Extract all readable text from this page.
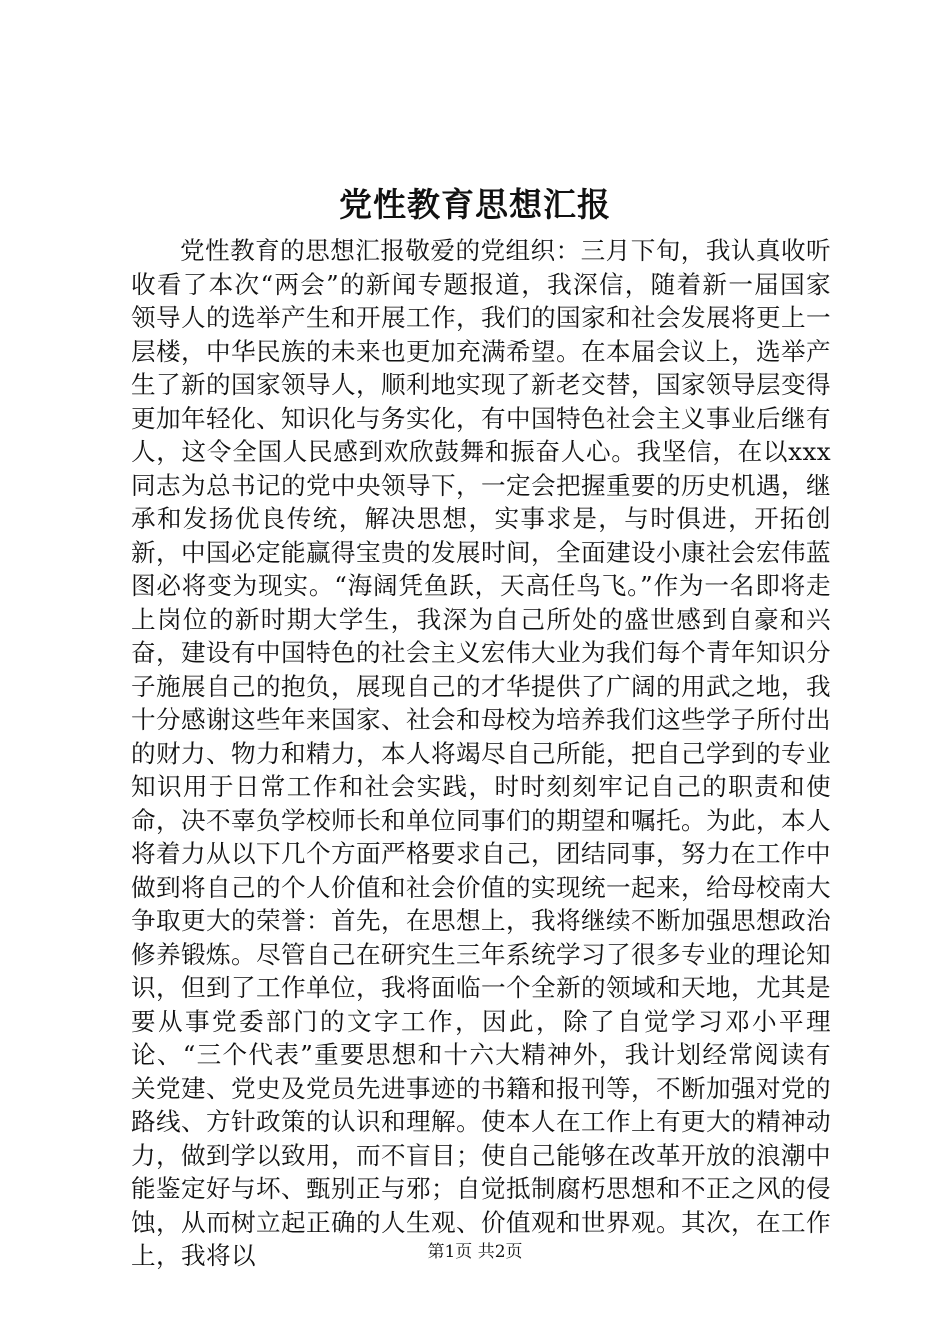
党性教育思想汇报

党性教育的思想汇报敬爱的党组织：三月下旬，我认真收听收看了本次“两会”的新闻专题报道，我深信，随着新一届国家领导人的选举产生和开展工作，我们的国家和社会发展将更上一层楼，中华民族的未来也更加充满希望。在本届会议上，选举产生了新的国家领导人，顺利地实现了新老交替，国家领导层变得更加年轻化、知识化与务实化，有中国特色社会主义事业后继有人，这令全国人民感到欢欣鼓舞和振奋人心。我坚信，在以xxx同志为总书记的党中央领导下，一定会把握重要的历史机遇，继承和发扬优良传统，解决思想，实事求是，与时俱进，开拓创新，中国必定能赢得宝贵的发展时间，全面建设小康社会宏伟蓝图必将变为现实。“海阔凭鱼跃，天高任鸟飞。”作为一名即将走上岗位的新时期大学生，我深为自己所处的盛世感到自豪和兴奋，建设有中国特色的社会主义宏伟大业为我们每个青年知识分子施展自己的抱负，展现自己的才华提供了广阔的用武之地，我十分感谢这些年来国家、社会和母校为培养我们这些学子所付出的财力、物力和精力，本人将竭尽自己所能，把自己学到的专业知识用于日常工作和社会实践，时时刻刻牢记自己的职责和使命，决不辜负学校师长和单位同事们的期望和嘱托。为此，本人将着力从以下几个方面严格要求自己，团结同事，努力在工作中做到将自己的个人价值和社会价值的实现统一起来，给母校南大争取更大的荣誉：首先，在思想上，我将继续不断加强思想政治修养锻炼。尽管自己在研究生三年系统学习了很多专业的理论知识，但到了工作单位，我将面临一个全新的领域和天地，尤其是要从事党委部门的文字工作，因此，除了自觉学习邓小平理论、“三个代表”重要思想和十六大精神外，我计划经常阅读有关党建、党史及党员先进事迹的书籍和报刊等，不断加强对党的路线、方针政策的认识和理解。使本人在工作上有更大的精神动力，做到学以致用，而不盲目；使自己能够在改革开放的浪潮中能鉴定好与坏、甄别正与邪；自觉抵制腐朽思想和不正之风的侵蚀，从而树立起正确的人生观、价值观和世界观。其次，在工作上，我将以	第1页 共2页
